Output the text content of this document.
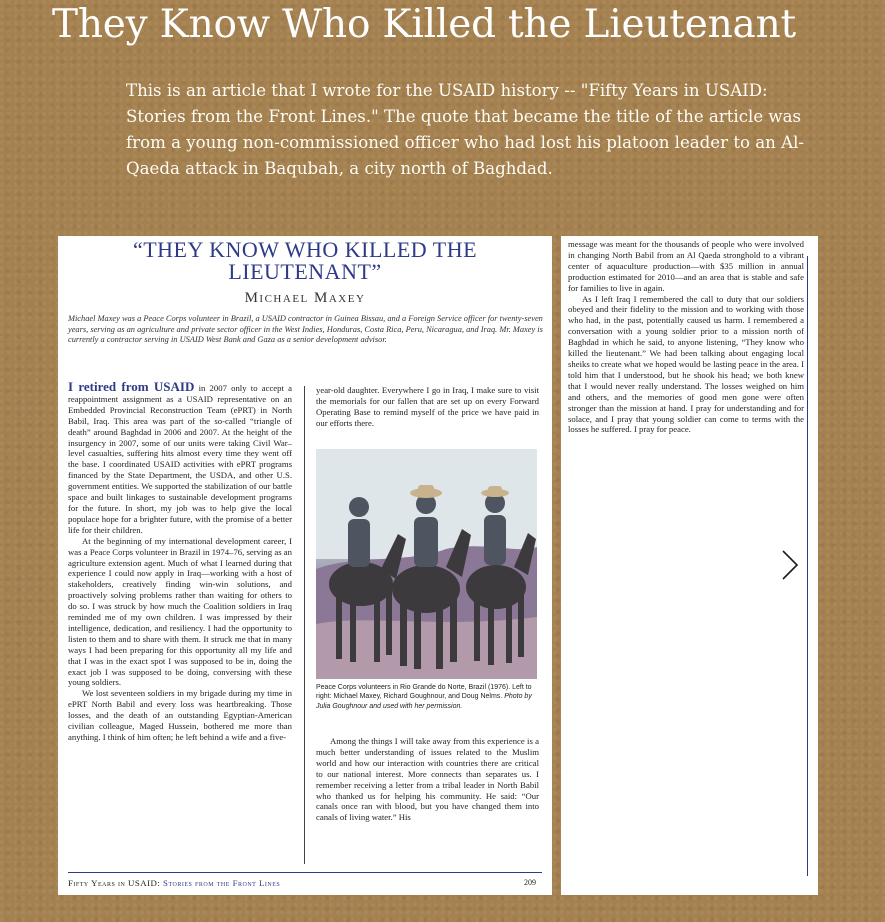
They Know Who Killed the Lieutenant

This is an article that I wrote for the USAID history -- "Fifty Years in USAID: Stories from the Front Lines." The quote that became the title of the article was from a young non-commissioned officer who had lost his platoon leader to an Al-Qaeda attack in Baqubah, a city north of Baghdad.

“THEY KNOW WHO KILLED THE
LIEUTENANT”
Michael Maxey
Michael Maxey was a Peace Corps volunteer in Brazil, a USAID contractor in Guinea Bissau, and a Foreign Service officer for twenty-seven years, serving as an agriculture and private sector officer in the West Indies, Honduras, Costa Rica, Peru, Nicaragua, and Iraq. Mr. Maxey is currently a contractor serving in USAID West Bank and Gaza as a senior development advisor.

I retired from USAID in 2007 only to accept a reappointment assignment as a USAID representative on an Embedded Provincial Reconstruction Team (ePRT) in North Babil, Iraq. This area was part of the so-called “triangle of death” around Baghdad in 2006 and 2007. At the height of the insurgency in 2007, some of our units were taking Civil War–level casualties, suffering hits almost every time they went off the base. I coordinated USAID activities with ePRT programs financed by the State Department, the USDA, and other U.S. government entities. We supported the stabilization of our battle space and built linkages to sustainable development programs for the future. In short, my job was to help give the local populace hope for a brighter future, with the promise of a better life for their children.

At the beginning of my international development career, I was a Peace Corps volunteer in Brazil in 1974–76, serving as an agriculture extension agent. Much of what I learned during that experience I could now apply in Iraq—working with a host of stakeholders, creatively finding win-win solutions, and proactively solving problems rather than waiting for others to do so. I was struck by how much the Coalition soldiers in Iraq reminded me of my own children. I was impressed by their intelligence, dedication, and resiliency. I had the opportunity to listen to them and to share with them. It struck me that in many ways I had been preparing for this opportunity all my life and that I was in the exact spot I was supposed to be in, doing the exact job I was supposed to be doing, conversing with these young soldiers.

We lost seventeen soldiers in my brigade during my time in ePRT North Babil and every loss was heartbreaking. Those losses, and the death of an outstanding Egyptian-American civilian colleague, Maged Hussein, bothered me more than anything. I think of him often; he left behind a wife and a five-

year-old daughter. Everywhere I go in Iraq, I make sure to visit the memorials for our fallen that are set up on every Forward Operating Base to remind myself of the price we have paid in our efforts there.

Peace Corps volunteers in Rio Grande do Norte, Brazil (1976). Left to right: Michael Maxey, Richard Goughnour, and Doug Nelms. Photo by Julia Goughnour and used with her permission.

Among the things I will take away from this experience is a much better understanding of issues related to the Muslim world and how our interaction with countries there are critical to our national interest. More connects than separates us. I remember receiving a letter from a tribal leader in North Babil who thanked us for helping his community. He said: “Our canals once ran with blood, but you have changed them into canals of living water.” His

Fifty Years in USAID: Stories from the Front Lines	209

message was meant for the thousands of people who were involved in changing North Babil from an Al Qaeda stronghold to a vibrant center of aquaculture production—with $35 million in annual production estimated for 2010—and an area that is stable and safe for families to live in again.

As I left Iraq I remembered the call to duty that our soldiers obeyed and their fidelity to the mission and to working with those who had, in the past, potentially caused us harm. I remembered a conversation with a young soldier prior to a mission north of Baghdad in which he said, to anyone listening, “They know who killed the lieutenant.” We had been talking about engaging local sheiks to create what we hoped would be lasting peace in the area. I told him that I understood, but he shook his head; we both knew that I would never really understand. The losses weighed on him and others, and the memories of good men gone were often stronger than the mission at hand. I pray for understanding and for solace, and I pray that young soldier can come to terms with the losses he suffered. I pray for peace.
